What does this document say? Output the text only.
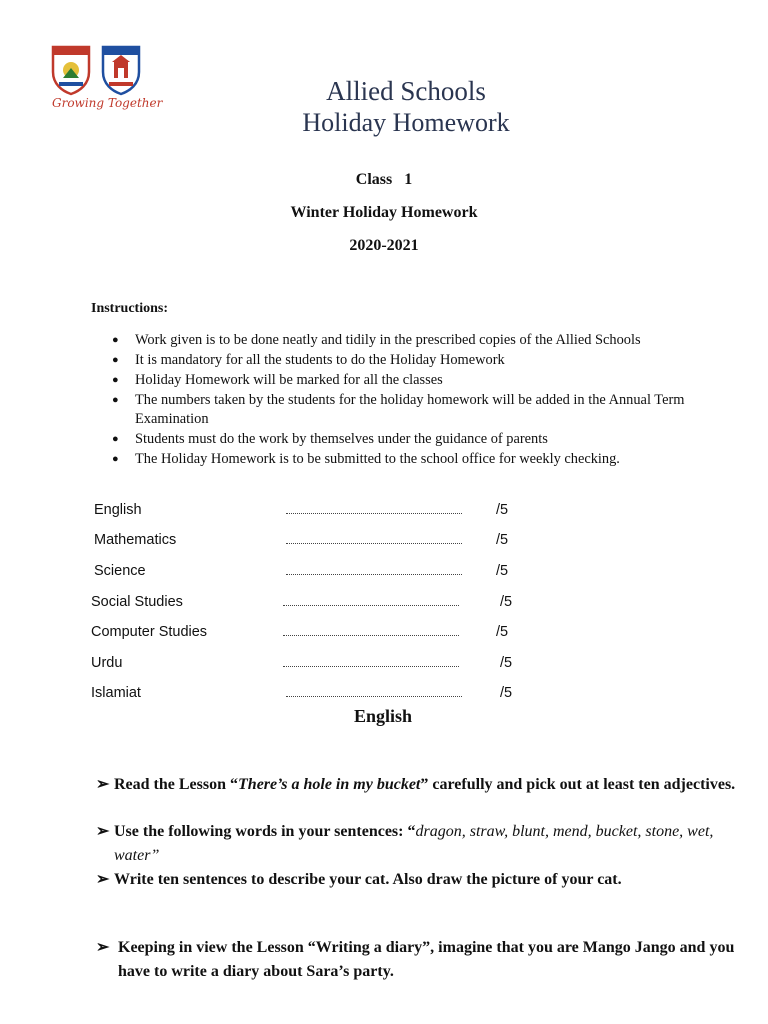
Growing Together	Allied Schools
Holiday Homework
Class   1
Winter Holiday Homework
2020-2021
Instructions:
● Work given is to be done neatly and tidily in the prescribed copies of the Allied Schools
● It is mandatory for all the students to do the Holiday Homework
● Holiday Homework will be marked for all the classes
● The numbers taken by the students for the holiday homework will be added in the Annual Term Examination
● Students must do the work by themselves under the guidance of parents
● The Holiday Homework is to be submitted to the school office for weekly checking.
English	/5
Mathematics	/5
Science	/5
Social Studies	/5
Computer Studies	/5
Urdu	/5
Islamiat	/5
English
➢ Read the Lesson “There’s a hole in my bucket” carefully and pick out at least ten adjectives.
➢ Use the following words in your sentences: “dragon, straw, blunt, mend, bucket, stone, wet, water”
➢ Write ten sentences to describe your cat. Also draw the picture of your cat.
➢ Keeping in view the Lesson “Writing a diary”, imagine that you are Mango Jango and you have to write a diary about Sara’s party.
